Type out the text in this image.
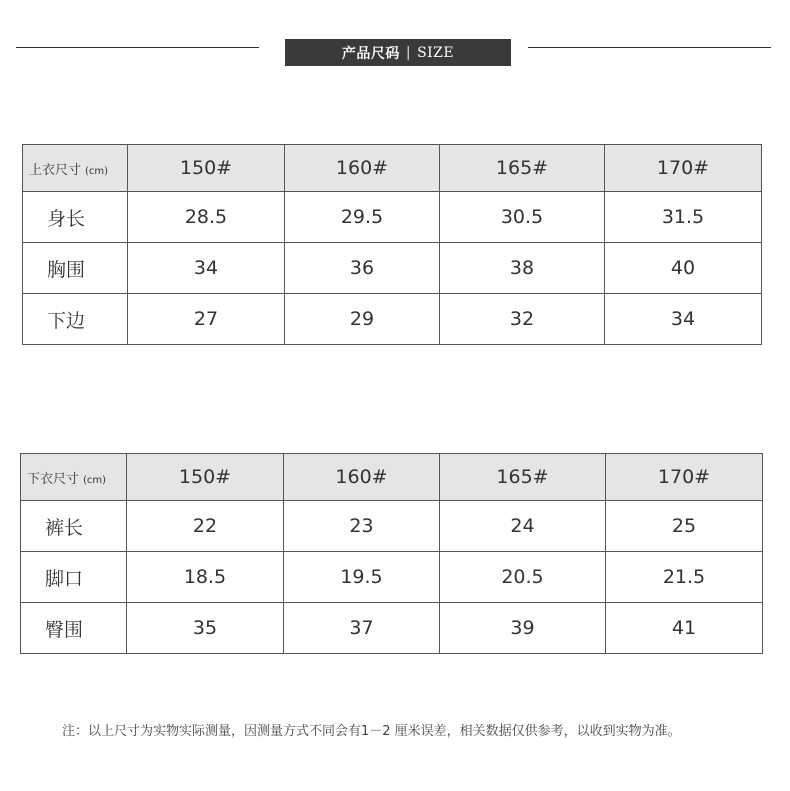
产品尺码 | SIZE
上衣尺寸 (cm)	150#	160#	165#	170#
身长	28.5	29.5	30.5	31.5
胸围	34	36	38	40
下边	27	29	32	34
下衣尺寸 (cm)	150#	160#	165#	170#
裤长	22	23	24	25
脚口	18.5	19.5	20.5	21.5
臀围	35	37	39	41
注：以上尺寸为实物实际测量，因测量方式不同会有1－2 厘米误差，相关数据仅供参考，以收到实物为准。
